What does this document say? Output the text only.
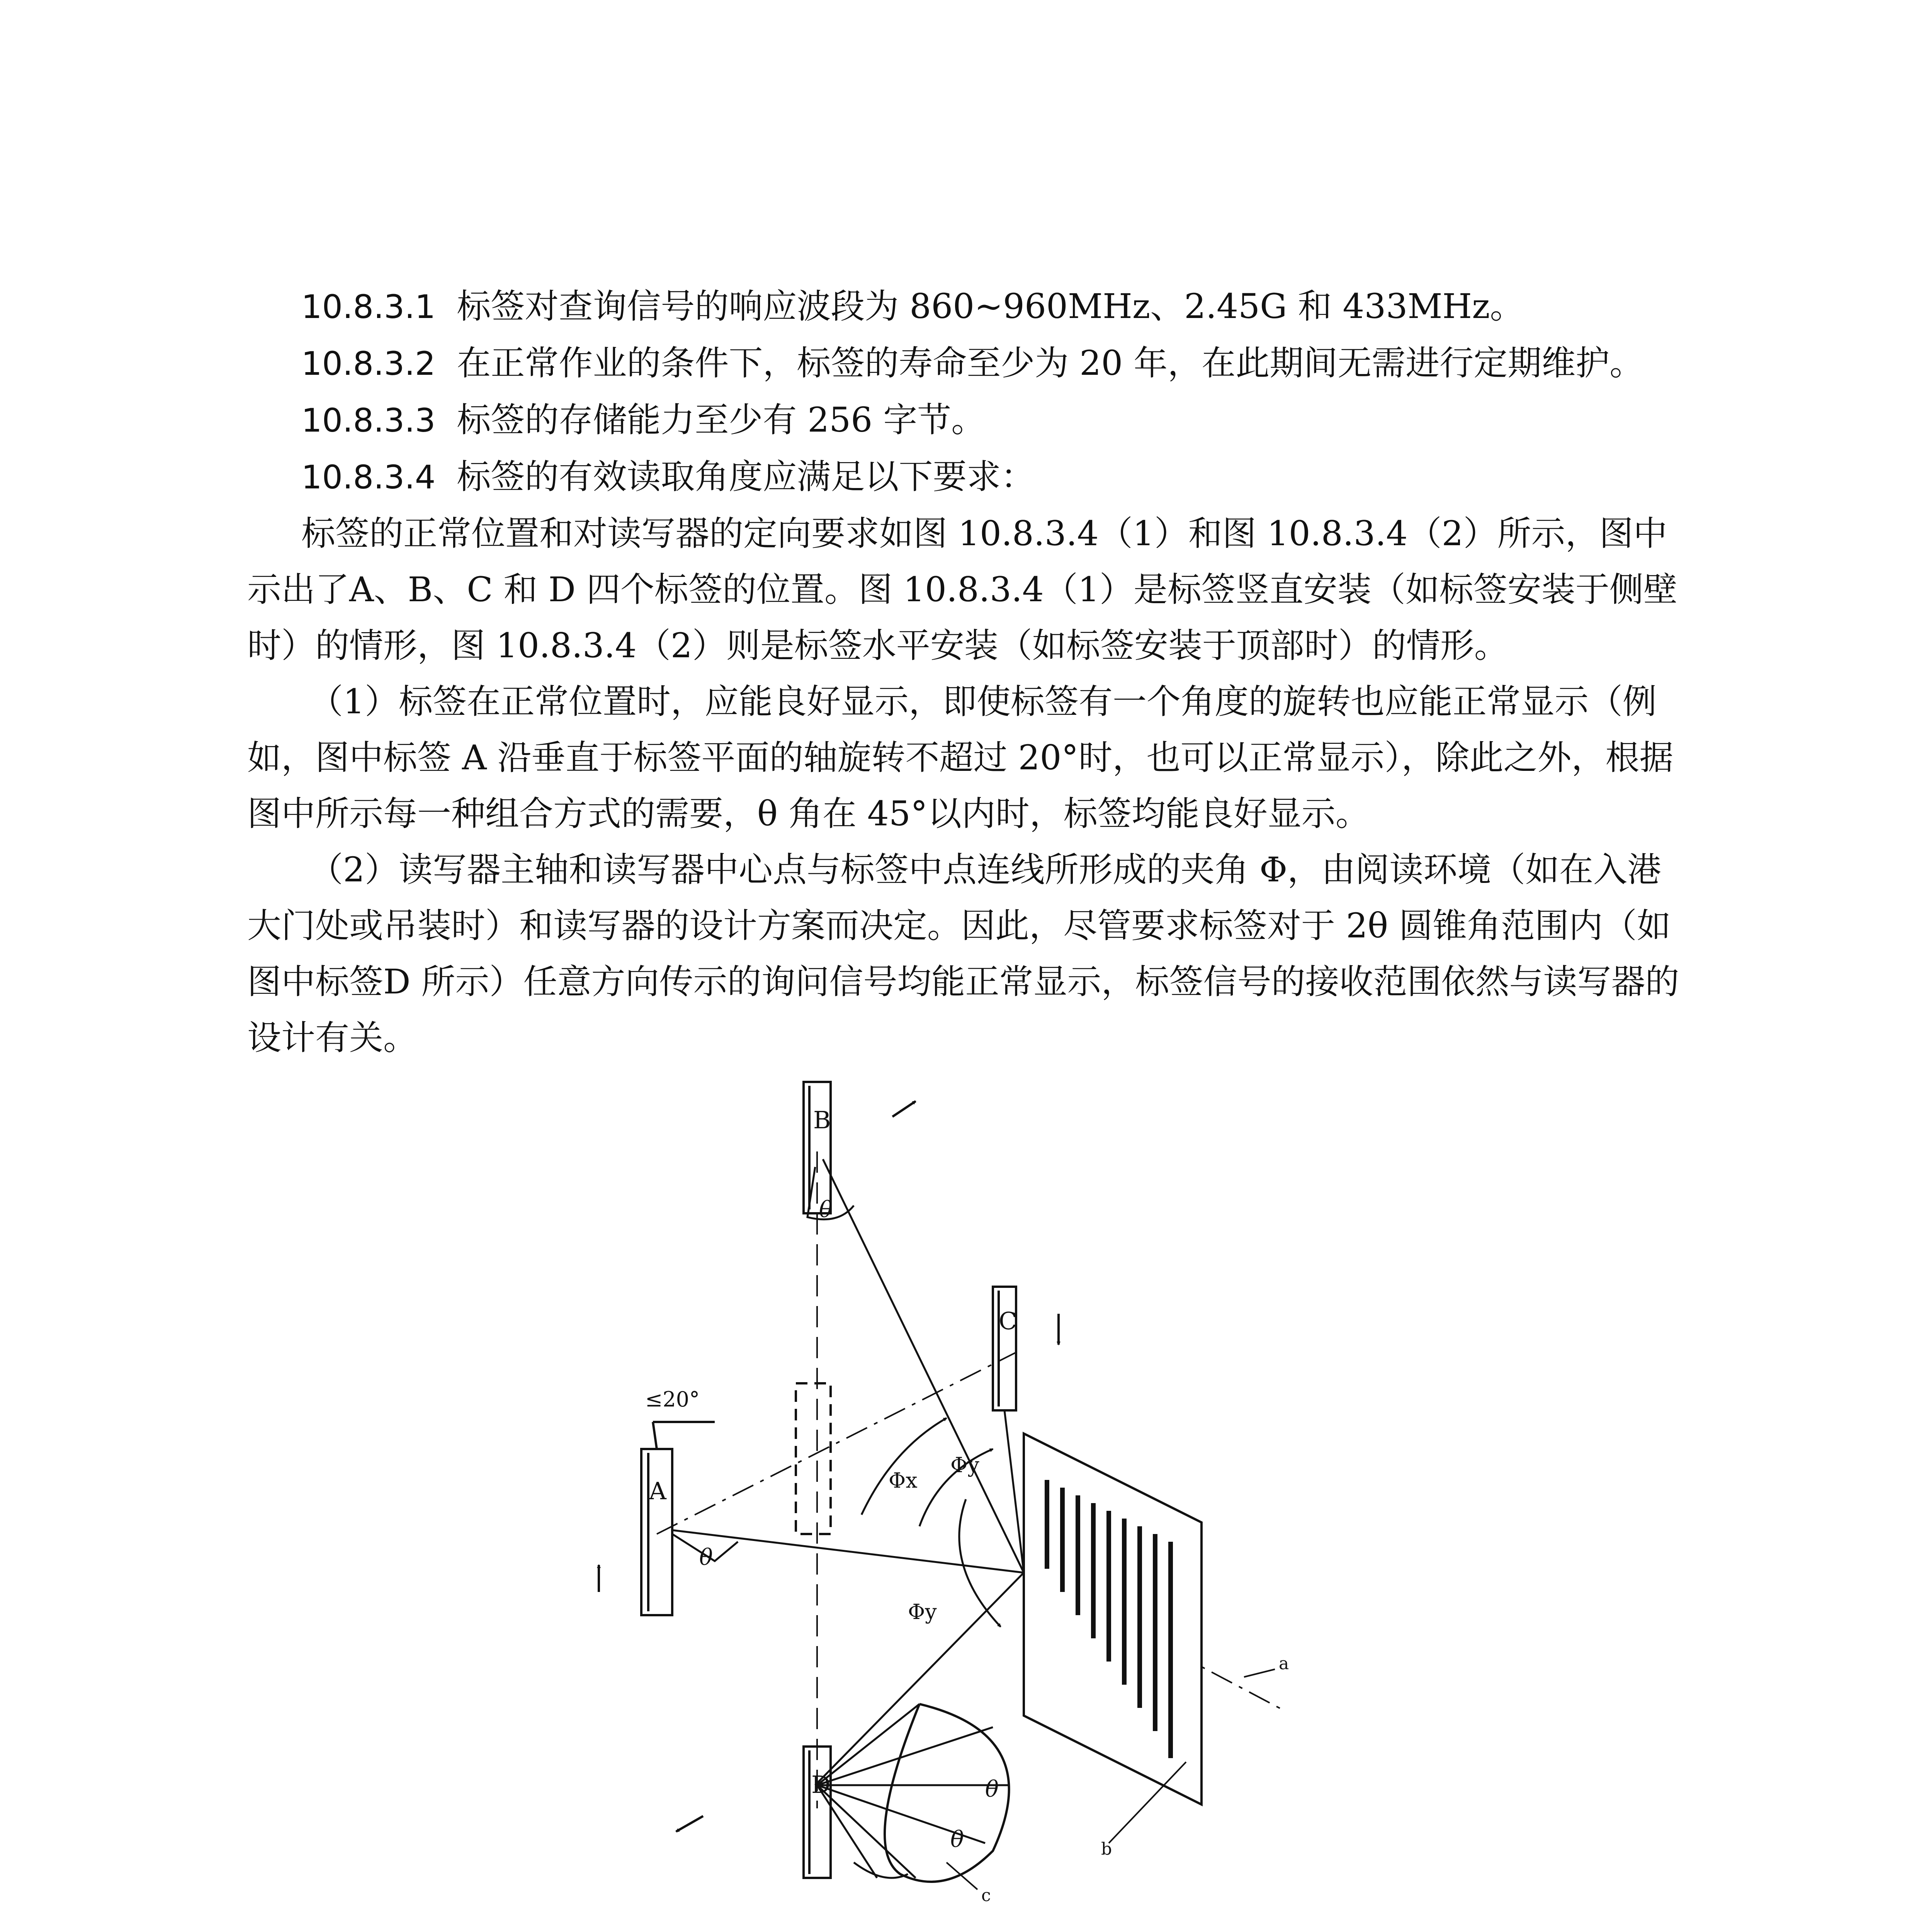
10.8.3.1 标签对查询信号的响应波段为 860~960MHz、2.45G 和 433MHz。

10.8.3.2 在正常作业的条件下，标签的寿命至少为 20 年，在此期间无需进行定期维护。

10.8.3.3 标签的存储能力至少有 256 字节。

10.8.3.4 标签的有效读取角度应满足以下要求：

标签的正常位置和对读写器的定向要求如图 10.8.3.4（1）和图 10.8.3.4（2）所示，图中示出了A、B、C 和 D 四个标签的位置。图 10.8.3.4（1）是标签竖直安装（如标签安装于侧壁时）的情形，图 10.8.3.4（2）则是标签水平安装（如标签安装于顶部时）的情形。

（1）标签在正常位置时，应能良好显示，即使标签有一个角度的旋转也应能正常显示（例如，图中标签 A 沿垂直于标签平面的轴旋转不超过 20°时，也可以正常显示），除此之外，根据图中所示每一种组合方式的需要，θ 角在 45°以内时，标签均能良好显示。

（2）读写器主轴和读写器中心点与标签中点连线所形成的夹角 Φ，由阅读环境（如在入港大门处或吊装时）和读写器的设计方案而决定。因此，尽管要求标签对于 2θ 圆锥角范围内（如图中标签D 所示）任意方向传示的询问信号均能正常显示，标签信号的接收范围依然与读写器的设计有关。

B
C
A
D
θ
θ
θ
θ
Φx
Φy
Φy
≤20°
a
b
c
